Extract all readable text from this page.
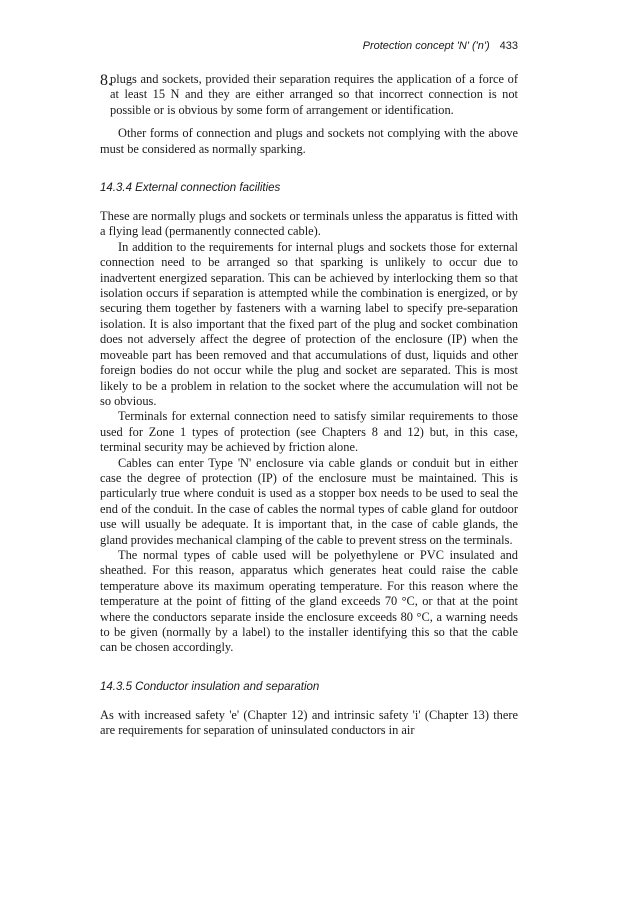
Protection concept 'N' ('n') 433
8.

plugs and sockets, provided their separation requires the application of a force of at least 15 N and they are either arranged so that incorrect connection is not possible or is obvious by some form of arrangement or identification.

Other forms of connection and plugs and sockets not complying with the above must be considered as normally sparking.

14.3.4 External connection facilities

These are normally plugs and sockets or terminals unless the apparatus is fitted with a flying lead (permanently connected cable).

In addition to the requirements for internal plugs and sockets those for external connection need to be arranged so that sparking is unlikely to occur due to inadvertent energized separation. This can be achieved by interlocking them so that isolation occurs if separation is attempted while the combination is energized, or by securing them together by fasteners with a warning label to specify pre-separation isolation. It is also important that the fixed part of the plug and socket combination does not adversely affect the degree of protection of the enclosure (IP) when the moveable part has been removed and that accumulations of dust, liquids and other foreign bodies do not occur while the plug and socket are separated. This is most likely to be a problem in relation to the socket where the accumulation will not be so obvious.

Terminals for external connection need to satisfy similar requirements to those used for Zone 1 types of protection (see Chapters 8 and 12) but, in this case, terminal security may be achieved by friction alone.

Cables can enter Type 'N' enclosure via cable glands or conduit but in either case the degree of protection (IP) of the enclosure must be maintained. This is particularly true where conduit is used as a stopper box needs to be used to seal the end of the conduit. In the case of cables the normal types of cable gland for outdoor use will usually be adequate. It is important that, in the case of cable glands, the gland provides mechanical clamping of the cable to prevent stress on the terminals.

The normal types of cable used will be polyethylene or PVC insulated and sheathed. For this reason, apparatus which generates heat could raise the cable temperature above its maximum operating temperature. For this reason where the temperature at the point of fitting of the gland exceeds 70 °C, or that at the point where the conductors separate inside the enclosure exceeds 80 °C, a warning needs to be given (normally by a label) to the installer identifying this so that the cable can be chosen accordingly.

14.3.5 Conductor insulation and separation

As with increased safety 'e' (Chapter 12) and intrinsic safety 'i' (Chapter 13) there are requirements for separation of uninsulated conductors in air
